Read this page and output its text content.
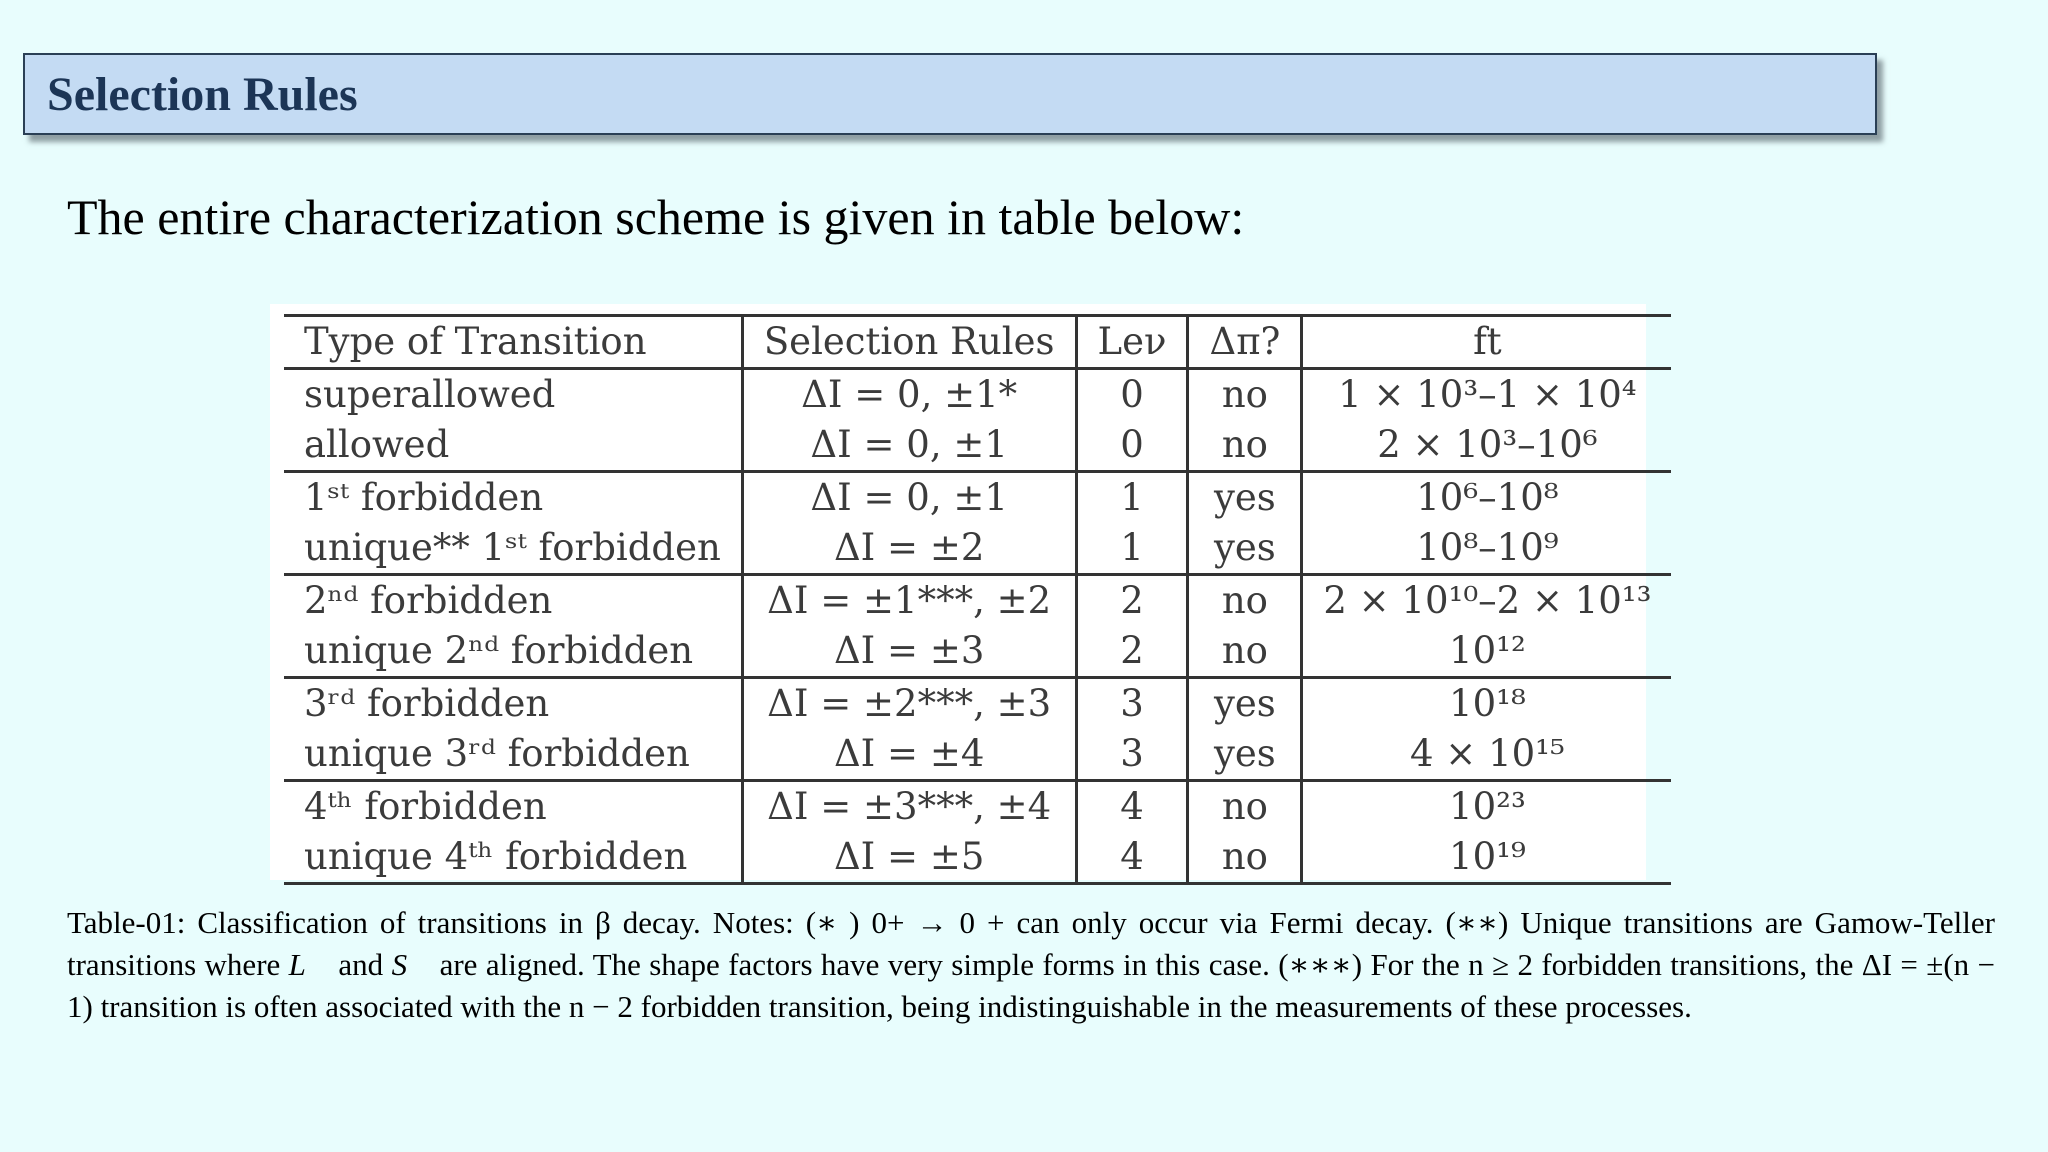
Selection Rules
The entire characterization scheme is given in table below:
Type of Transition	Selection Rules	Leν	Δπ?	ft
superallowed	ΔI = 0, ±1*	0	no	1 × 10³–1 × 10⁴
allowed	ΔI = 0, ±1	0	no	2 × 10³–10⁶
1ˢᵗ forbidden	ΔI = 0, ±1	1	yes	10⁶–10⁸
unique** 1ˢᵗ forbidden	ΔI = ±2	1	yes	10⁸–10⁹
2ⁿᵈ forbidden	ΔI = ±1***, ±2	2	no	2 × 10¹⁰–2 × 10¹³
unique 2ⁿᵈ forbidden	ΔI = ±3	2	no	10¹²
3ʳᵈ forbidden	ΔI = ±2***, ±3	3	yes	10¹⁸
unique 3ʳᵈ forbidden	ΔI = ±4	3	yes	4 × 10¹⁵
4ᵗʰ forbidden	ΔI = ±3***, ±4	4	no	10²³
unique 4ᵗʰ forbidden	ΔI = ±5	4	no	10¹⁹
Table-01: Classification of transitions in β decay. Notes: (∗ ) 0+ → 0 + can only occur via Fermi decay. (∗∗) Unique transitions are Gamow-Teller transitions where L⃗ and S⃗ are aligned. The shape factors have very simple forms in this case. (∗∗∗) For the n ≥ 2 forbidden transitions, the ΔI = ±(n − 1) transition is often associated with the n − 2 forbidden transition, being indistinguishable in the measurements of these processes.
